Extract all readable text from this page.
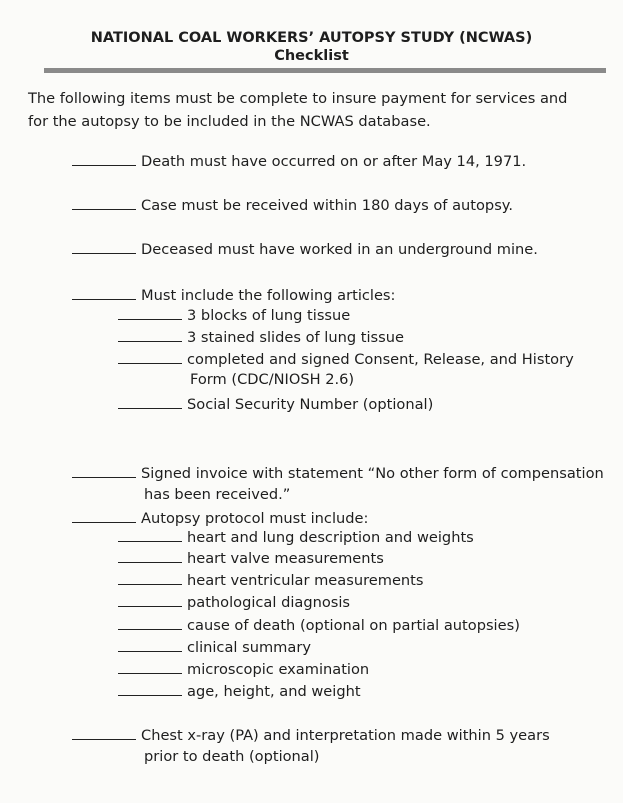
NATIONAL COAL WORKERS’ AUTOPSY STUDY (NCWAS)
Checklist
The following items must be complete to insure payment for services and
for the autopsy to be included in the NCWAS database.
Death must have occurred on or after May 14, 1971.
Case must be received within 180 days of autopsy.
Deceased must have worked in an underground mine.
Must include the following articles:
3 blocks of lung tissue
3 stained slides of lung tissue
completed and signed Consent, Release, and History
Form (CDC/NIOSH 2.6)
Social Security Number (optional)
Signed invoice with statement “No other form of compensation
has been received.”
Autopsy protocol must include:
heart and lung description and weights
heart valve measurements
heart ventricular measurements
pathological diagnosis
cause of death (optional on partial autopsies)
clinical summary
microscopic examination
age, height, and weight
Chest x-ray (PA) and interpretation made within 5 years
prior to death (optional)
